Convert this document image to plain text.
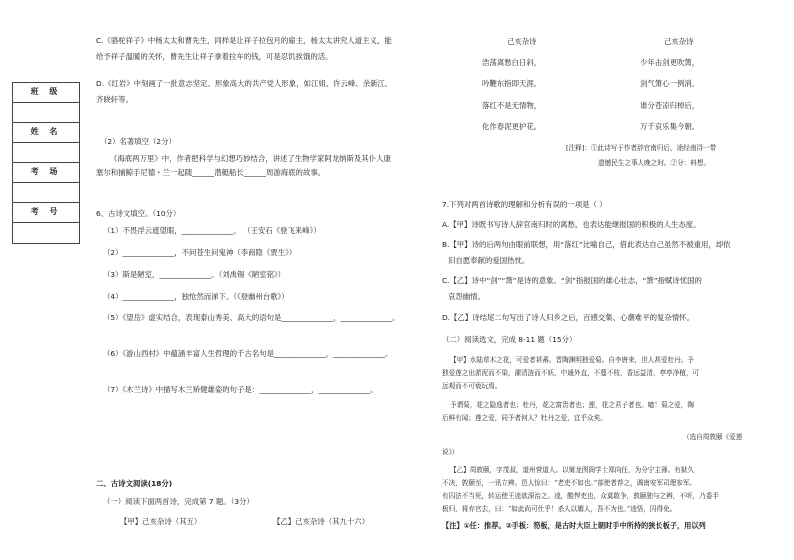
班 级
姓 名
考 场
考 号
C.《骆驼祥子》中杨太太和曹先生，同样是让祥子拉包月的雇主，杨太太讲究人道主义，能
给予祥子温暖的关怀，曹先生让祥子拿着拉车的钱，可是忍饥挨饿的活。
D.《红岩》中刻画了一批意志坚定、形象高大的共产党人形象，如江姐、许云峰、余新江、
齐晓轩等。
（2）名著填空（2分）
《海底两万里》中，作者把科学与幻想巧妙结合，讲述了生物学家阿龙纳斯及其仆人康
塞尔和捕鲸手尼德・兰一起随______潜艇船长______周游海底的故事。
6、古诗文填空。（10分）
（1）不畏浮云遮望眼，______________。 （王安石《登飞来峰》）
（2）______________，不问苍生问鬼神（李商隐《贾生》）
（3）斯是陋室，______________。（刘禹锡《陋室铭》）
（4）______________，独怆然而涕下。（《登幽州台歌》）
（5）《望岳》虚实结合，表现泰山秀美、高大的语句是______________，______________。
（6）《游山西村》中蕴涵丰富人生哲理的千古名句是______________，______________。
（7）《木兰诗》中描写木兰矫健雄姿的句子是：______________，______________。
二、古诗文阅读(18分)
（一）阅读下面两首诗，完成第 7 题。（3分）
【甲】己亥杂诗（其五）	【乙】己亥杂诗（其九十六）
己亥杂诗
浩荡离愁白日斜，
吟鞭东指即天涯。
落红不是无情物，
化作春泥更护花。
己亥杂诗
少年击剑更吹箫，
剑气箫心一例消。
谁分苍凉归棹后，
万千哀乐集今朝。
[注释]：①此诗写于作者辞官南归后，途经南浔一带
遗憾民生之事人晚之时。②分：料想。
7.下列对两首诗歌的理解和分析有误的一项是（ ）
A.【甲】诗既书写诗人辞官南归时的离愁，也表达能继报国的积极的人生态度。
B.【甲】诗的后两句由眼前联想，用“落红”比喻自己，借此表达自己虽然不被重用，却依
旧自愿奉献的爱国热忱。
C.【乙】诗中“剑”“箫”是诗的意象。“剑”指报国的雄心壮志，“箫”指赋诗忧国的
哀怨幽情。
D.【乙】诗结尾二句写出了诗人归乡之后，百感交集、心潮难平的复杂情怀。
（二）阅读选文，完成 8-11 题（15分）
【甲】水陆草木之花，可爱者甚蕃。晋陶渊明独爱菊。自李唐来，世人甚爱牡丹。予
独爱莲之出淤泥而不染，濯清涟而不妖，中通外直，不蔓不枝，香远益清，亭亭净植，可
远观而不可亵玩焉。
予谓菊，花之隐逸者也；牡丹，花之富贵者也；莲，花之君子者也。噫！菊之爱，陶
后鲜有闻；莲之爱，同予者何人？牡丹之爱，宜乎众矣。
（选自周敦颐《爱莲
说》）
【乙】周敦颐，字茂叔，道州营道人。以舅龙图阁学士郑向任，为分宁主簿。有狱久
不决，敦颐至，一讯立辨。邑人惊曰：“老吏不如也。”部使者荐之，调南安军司理参军。
有囚法不当死，转运使王逵欲深治之。逵，酷悍吏也，众莫敢争，敦颐独与之辨，不听，乃委手
板归，将弃官去，曰：“如此尚可仕乎！杀人以媚人，吾不为也。”逵悟，囚得免。
【注】①任：推荐。②手板：笏板，是古时大臣上朝时手中所持的狭长板子，用以列
